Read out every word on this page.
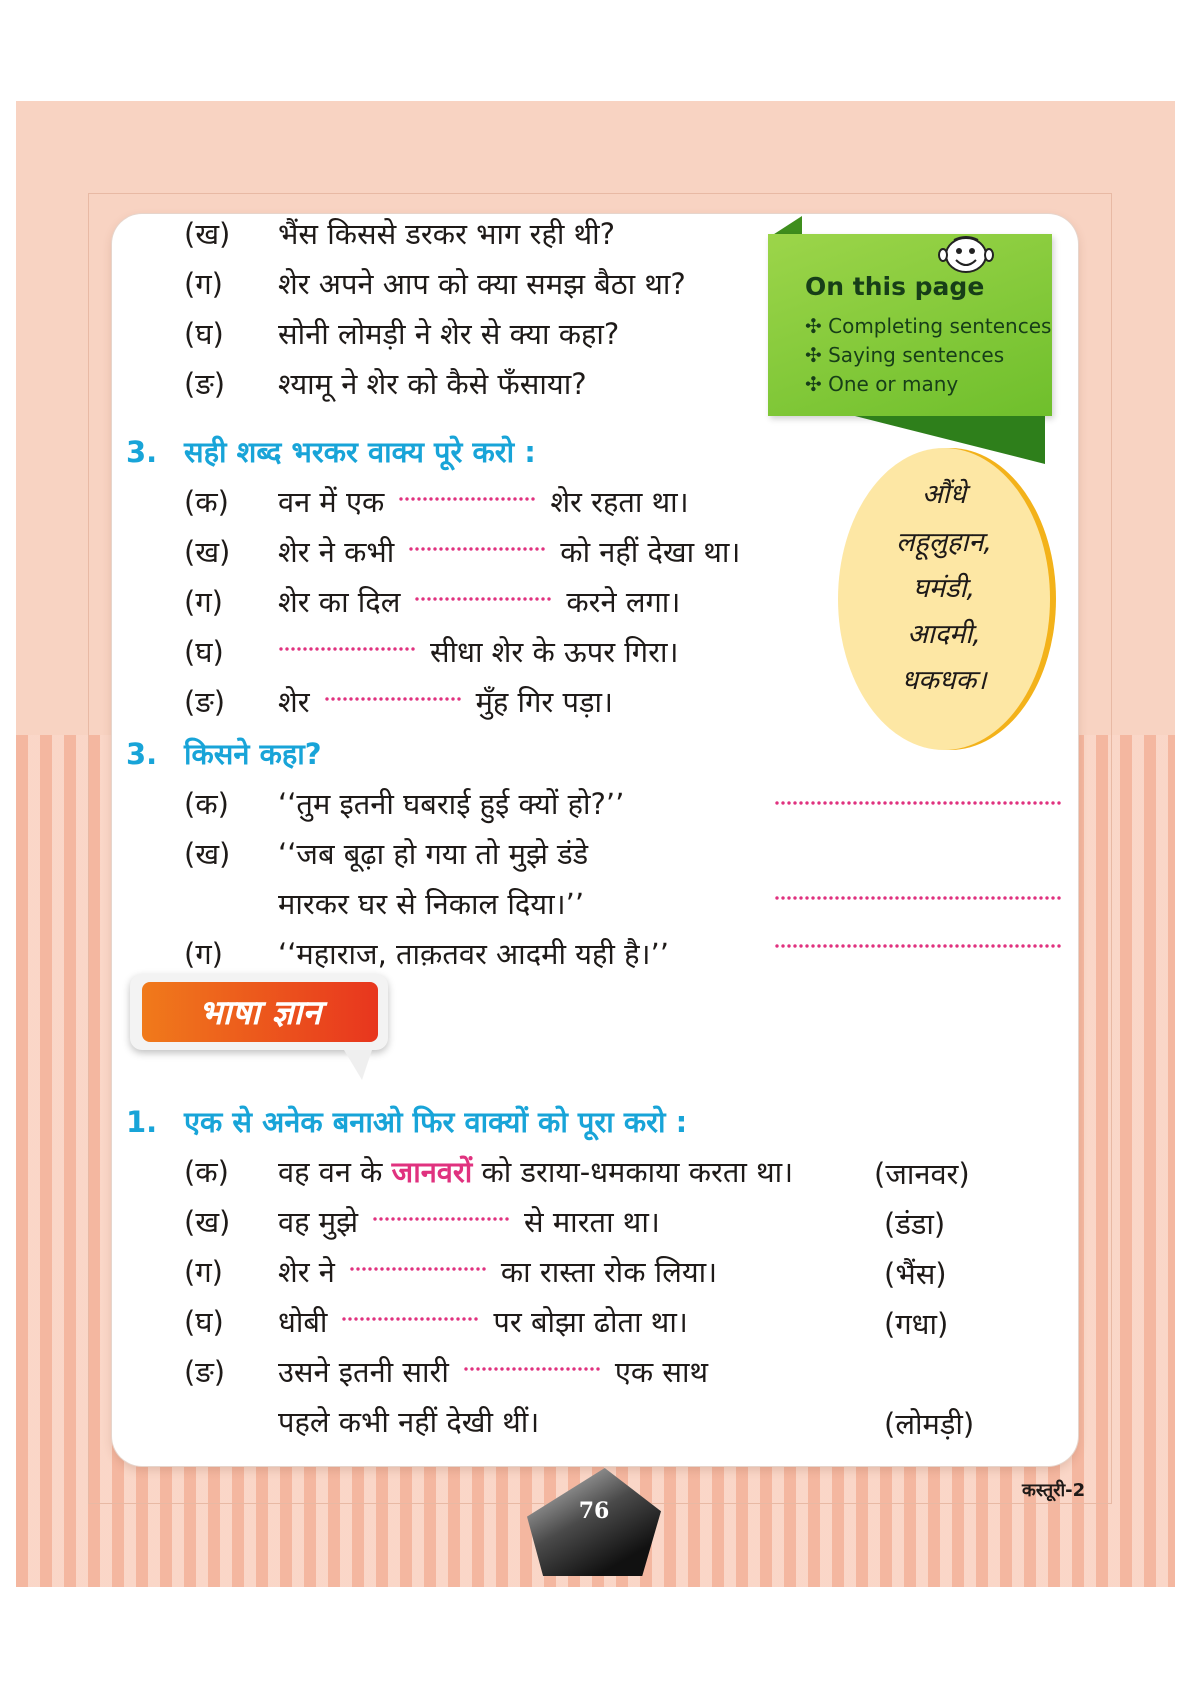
(ख)	भैंस किससे डरकर भाग रही थी?
(ग)	शेर अपने आप को क्या समझ बैठा था?
(घ)	सोनी लोमड़ी ने शेर से क्या कहा?
(ङ)	श्यामू ने शेर को कैसे फँसाया?
On this page
✣ Completing sentences
✣ Saying sentences
✣ One or many
औंधे
लहूलुहान,
घमंडी,
आदमी,
धकधक।
3. सही शब्द भरकर वाक्य पूरे करो :
(क)	वन में एक	शेर रहता था।
(ख)	शेर ने कभी	को नहीं देखा था।
(ग)	शेर का दिल	करने लगा।
(घ)	सीधा शेर के ऊपर गिरा।
(ङ)	शेर	मुँह गिर पड़ा।
3. किसने कहा?
(क)	‘‘तुम इतनी घबराई हुई क्यों हो?’’
(ख)	‘‘जब बूढ़ा हो गया तो मुझे डंडे
मारकर घर से निकाल दिया।’’
(ग)	‘‘महाराज, ताक़तवर आदमी यही है।’’
भाषा ज्ञान
1. एक से अनेक बनाओ फिर वाक्यों को पूरा करो :
(क)	वह वन के जानवरों को डराया-धमकाया करता था।	(जानवर)
(ख)	वह मुझे	से मारता था।	(डंडा)
(ग)	शेर ने	का रास्ता रोक लिया।	(भैंस)
(घ)	धोबी	पर बोझा ढोता था।	(गधा)
(ङ)	उसने इतनी सारी	एक साथ
पहले कभी नहीं देखी थीं।	(लोमड़ी)
76
कस्तूरी-2
